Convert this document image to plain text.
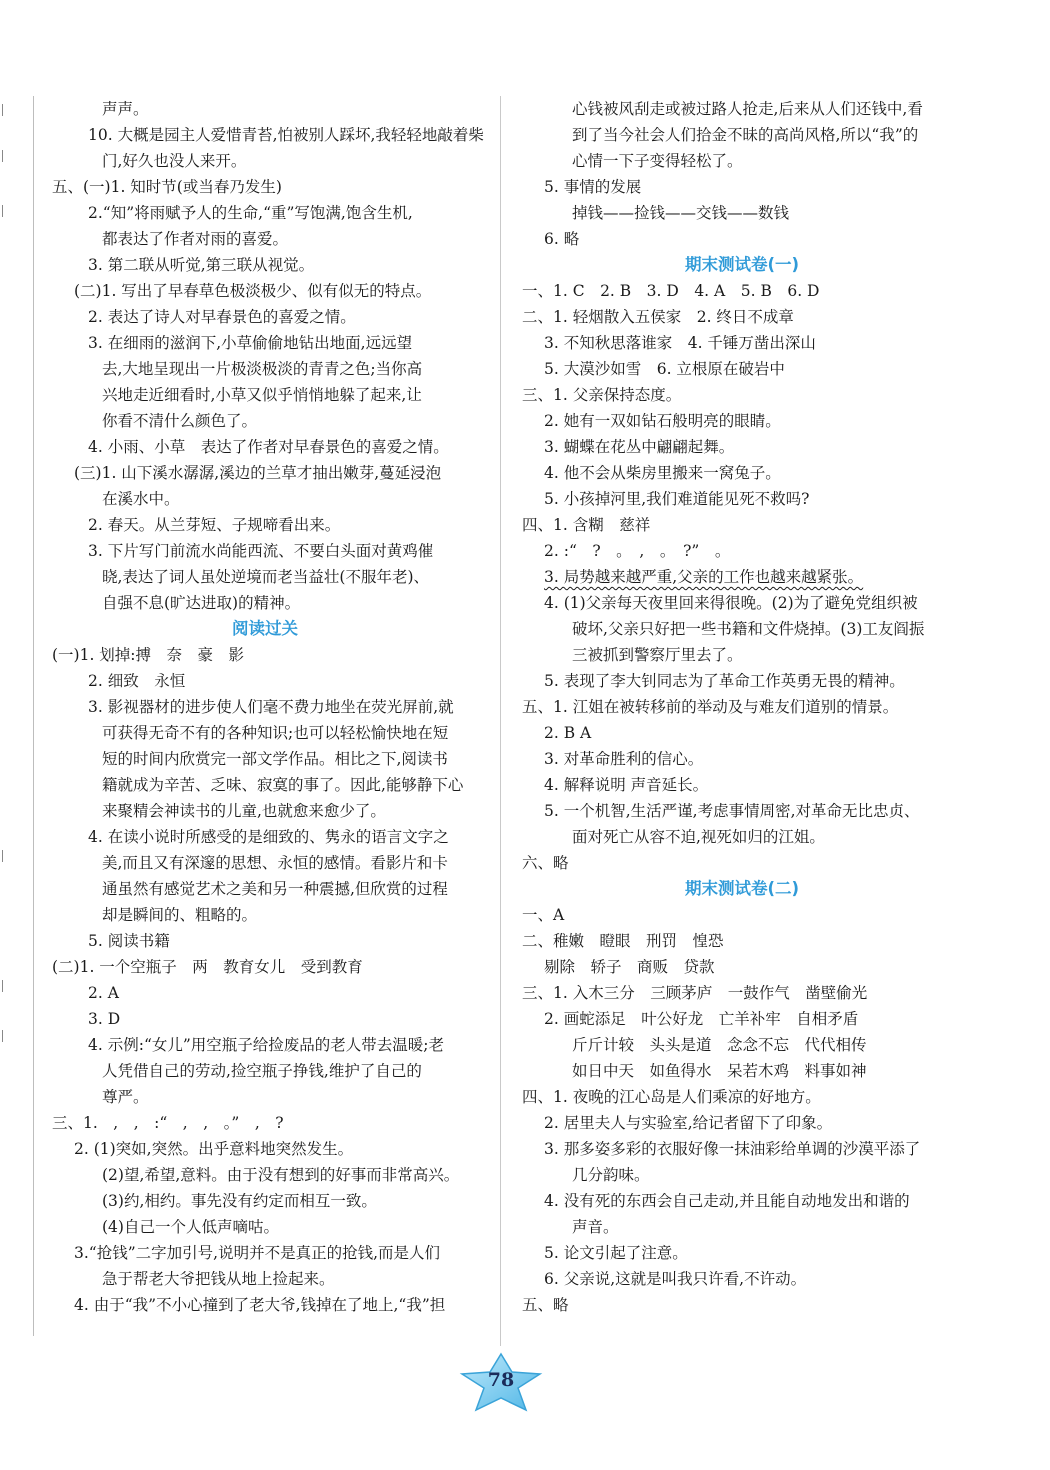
声声。
10. 大概是园主人爱惜青苔,怕被别人踩坏,我轻轻地敲着柴
门,好久也没人来开。
五、(一)1. 知时节(或当春乃发生)
2.“知”将雨赋予人的生命,“重”写饱满,饱含生机,
都表达了作者对雨的喜爱。
3. 第二联从听觉,第三联从视觉。
(二)1. 写出了早春草色极淡极少、似有似无的特点。
2. 表达了诗人对早春景色的喜爱之情。
3. 在细雨的滋润下,小草偷偷地钻出地面,远远望
去,大地呈现出一片极淡极淡的青青之色;当你高
兴地走近细看时,小草又似乎悄悄地躲了起来,让
你看不清什么颜色了。
4. 小雨、小草　表达了作者对早春景色的喜爱之情。
(三)1. 山下溪水潺潺,溪边的兰草才抽出嫩芽,蔓延浸泡
在溪水中。
2. 春天。从兰芽短、子规啼看出来。
3. 下片写门前流水尚能西流、不要白头面对黄鸡催
晓,表达了词人虽处逆境而老当益壮(不服年老)、
自强不息(旷达进取)的精神。
阅读过关
(一)1. 划掉:搏　奈　豪　影
2. 细致　永恒
3. 影视器材的进步使人们毫不费力地坐在荧光屏前,就
可获得无奇不有的各种知识;也可以轻松愉快地在短
短的时间内欣赏完一部文学作品。相比之下,阅读书
籍就成为辛苦、乏味、寂寞的事了。因此,能够静下心
来聚精会神读书的儿童,也就愈来愈少了。
4. 在读小说时所感受的是细致的、隽永的语言文字之
美,而且又有深邃的思想、永恒的感情。看影片和卡
通虽然有感觉艺术之美和另一种震撼,但欣赏的过程
却是瞬间的、粗略的。
5. 阅读书籍
(二)1. 一个空瓶子　两　教育女儿　受到教育
2. A
3. D
4. 示例:“女儿”用空瓶子给捡废品的老人带去温暖;老
人凭借自己的劳动,捡空瓶子挣钱,维护了自己的
尊严。
三、1.　,　,　:“　,　,　。”　,　?
2. (1)突如,突然。出乎意料地突然发生。
(2)望,希望,意料。由于没有想到的好事而非常高兴。
(3)约,相约。事先没有约定而相互一致。
(4)自己一个人低声嘀咕。
3.“抢钱”二字加引号,说明并不是真正的抢钱,而是人们
急于帮老大爷把钱从地上捡起来。
4. 由于“我”不小心撞到了老大爷,钱掉在了地上,“我”担
心钱被风刮走或被过路人抢走,后来从人们还钱中,看
到了当今社会人们拾金不昧的高尚风格,所以“我”的
心情一下子变得轻松了。
5. 事情的发展
掉钱——捡钱——交钱——数钱
6. 略
期末测试卷(一)
一、1. C　2. B　3. D　4. A　5. B　6. D
二、1. 轻烟散入五侯家　2. 终日不成章
3. 不知秋思落谁家　4. 千锤万凿出深山
5. 大漠沙如雪　6. 立根原在破岩中
三、1. 父亲保持态度。
2. 她有一双如钻石般明亮的眼睛。
3. 蝴蝶在花丛中翩翩起舞。
4. 他不会从柴房里搬来一窝兔子。
5. 小孩掉河里,我们难道能见死不救吗?
四、1. 含糊　慈祥
2. :“　?　。　,　。　?”　。
3. 局势越来越严重,父亲的工作也越来越紧张。
4. (1)父亲每天夜里回来得很晚。(2)为了避免党组织被
破坏,父亲只好把一些书籍和文件烧掉。(3)工友阎振
三被抓到警察厅里去了。
5. 表现了李大钊同志为了革命工作英勇无畏的精神。
五、1. 江姐在被转移前的举动及与难友们道别的情景。
2. B A
3. 对革命胜利的信心。
4. 解释说明 声音延长。
5. 一个机智,生活严谨,考虑事情周密,对革命无比忠贞、
面对死亡从容不迫,视死如归的江姐。
六、略
期末测试卷(二)
一、A
二、稚嫩　瞪眼　刑罚　惶恐
剔除　轿子　商贩　贷款
三、1. 入木三分　三顾茅庐　一鼓作气　凿壁偷光
2. 画蛇添足　叶公好龙　亡羊补牢　自相矛盾
斤斤计较　头头是道　念念不忘　代代相传
如日中天　如鱼得水　呆若木鸡　料事如神
四、1. 夜晚的江心岛是人们乘凉的好地方。
2. 居里夫人与实验室,给记者留下了印象。
3. 那多姿多彩的衣服好像一抹油彩给单调的沙漠平添了
几分韵味。
4. 没有死的东西会自己走动,并且能自动地发出和谐的
声音。
5. 论文引起了注意。
6. 父亲说,这就是叫我只许看,不许动。
五、略
78
